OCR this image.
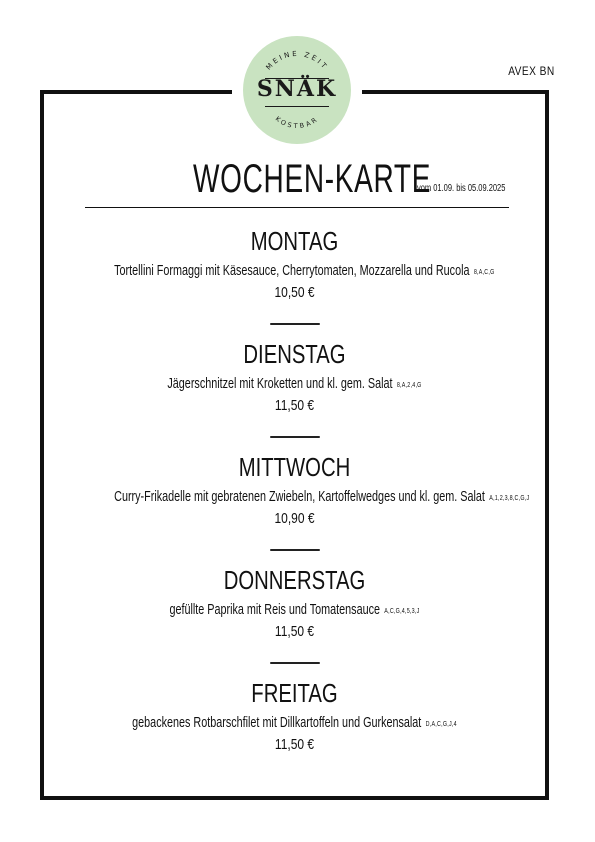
MEINE ZEIT
KOSTBAR
SNÄK
AVEX BN
WOCHEN-KARTE
vom 01.09. bis 05.09.2025
MONTAG
Tortellini Formaggi mit Käsesauce, Cherrytomaten, Mozzarella und Rucola 8,A,C,G
10,50 €
DIENSTAG
Jägerschnitzel mit Kroketten und kl. gem. Salat 8,A,2,4,G
11,50 €
MITTWOCH
Curry-Frikadelle mit gebratenen Zwiebeln, Kartoffelwedges und kl. gem. Salat A,1,2,3,8,C,G,J
10,90 €
DONNERSTAG
gefüllte Paprika mit Reis und Tomatensauce A,C,G,4,5,3,J
11,50 €
FREITAG
gebackenes Rotbarschfilet mit Dillkartoffeln und Gurkensalat D,A,C,G,J,4
11,50 €
